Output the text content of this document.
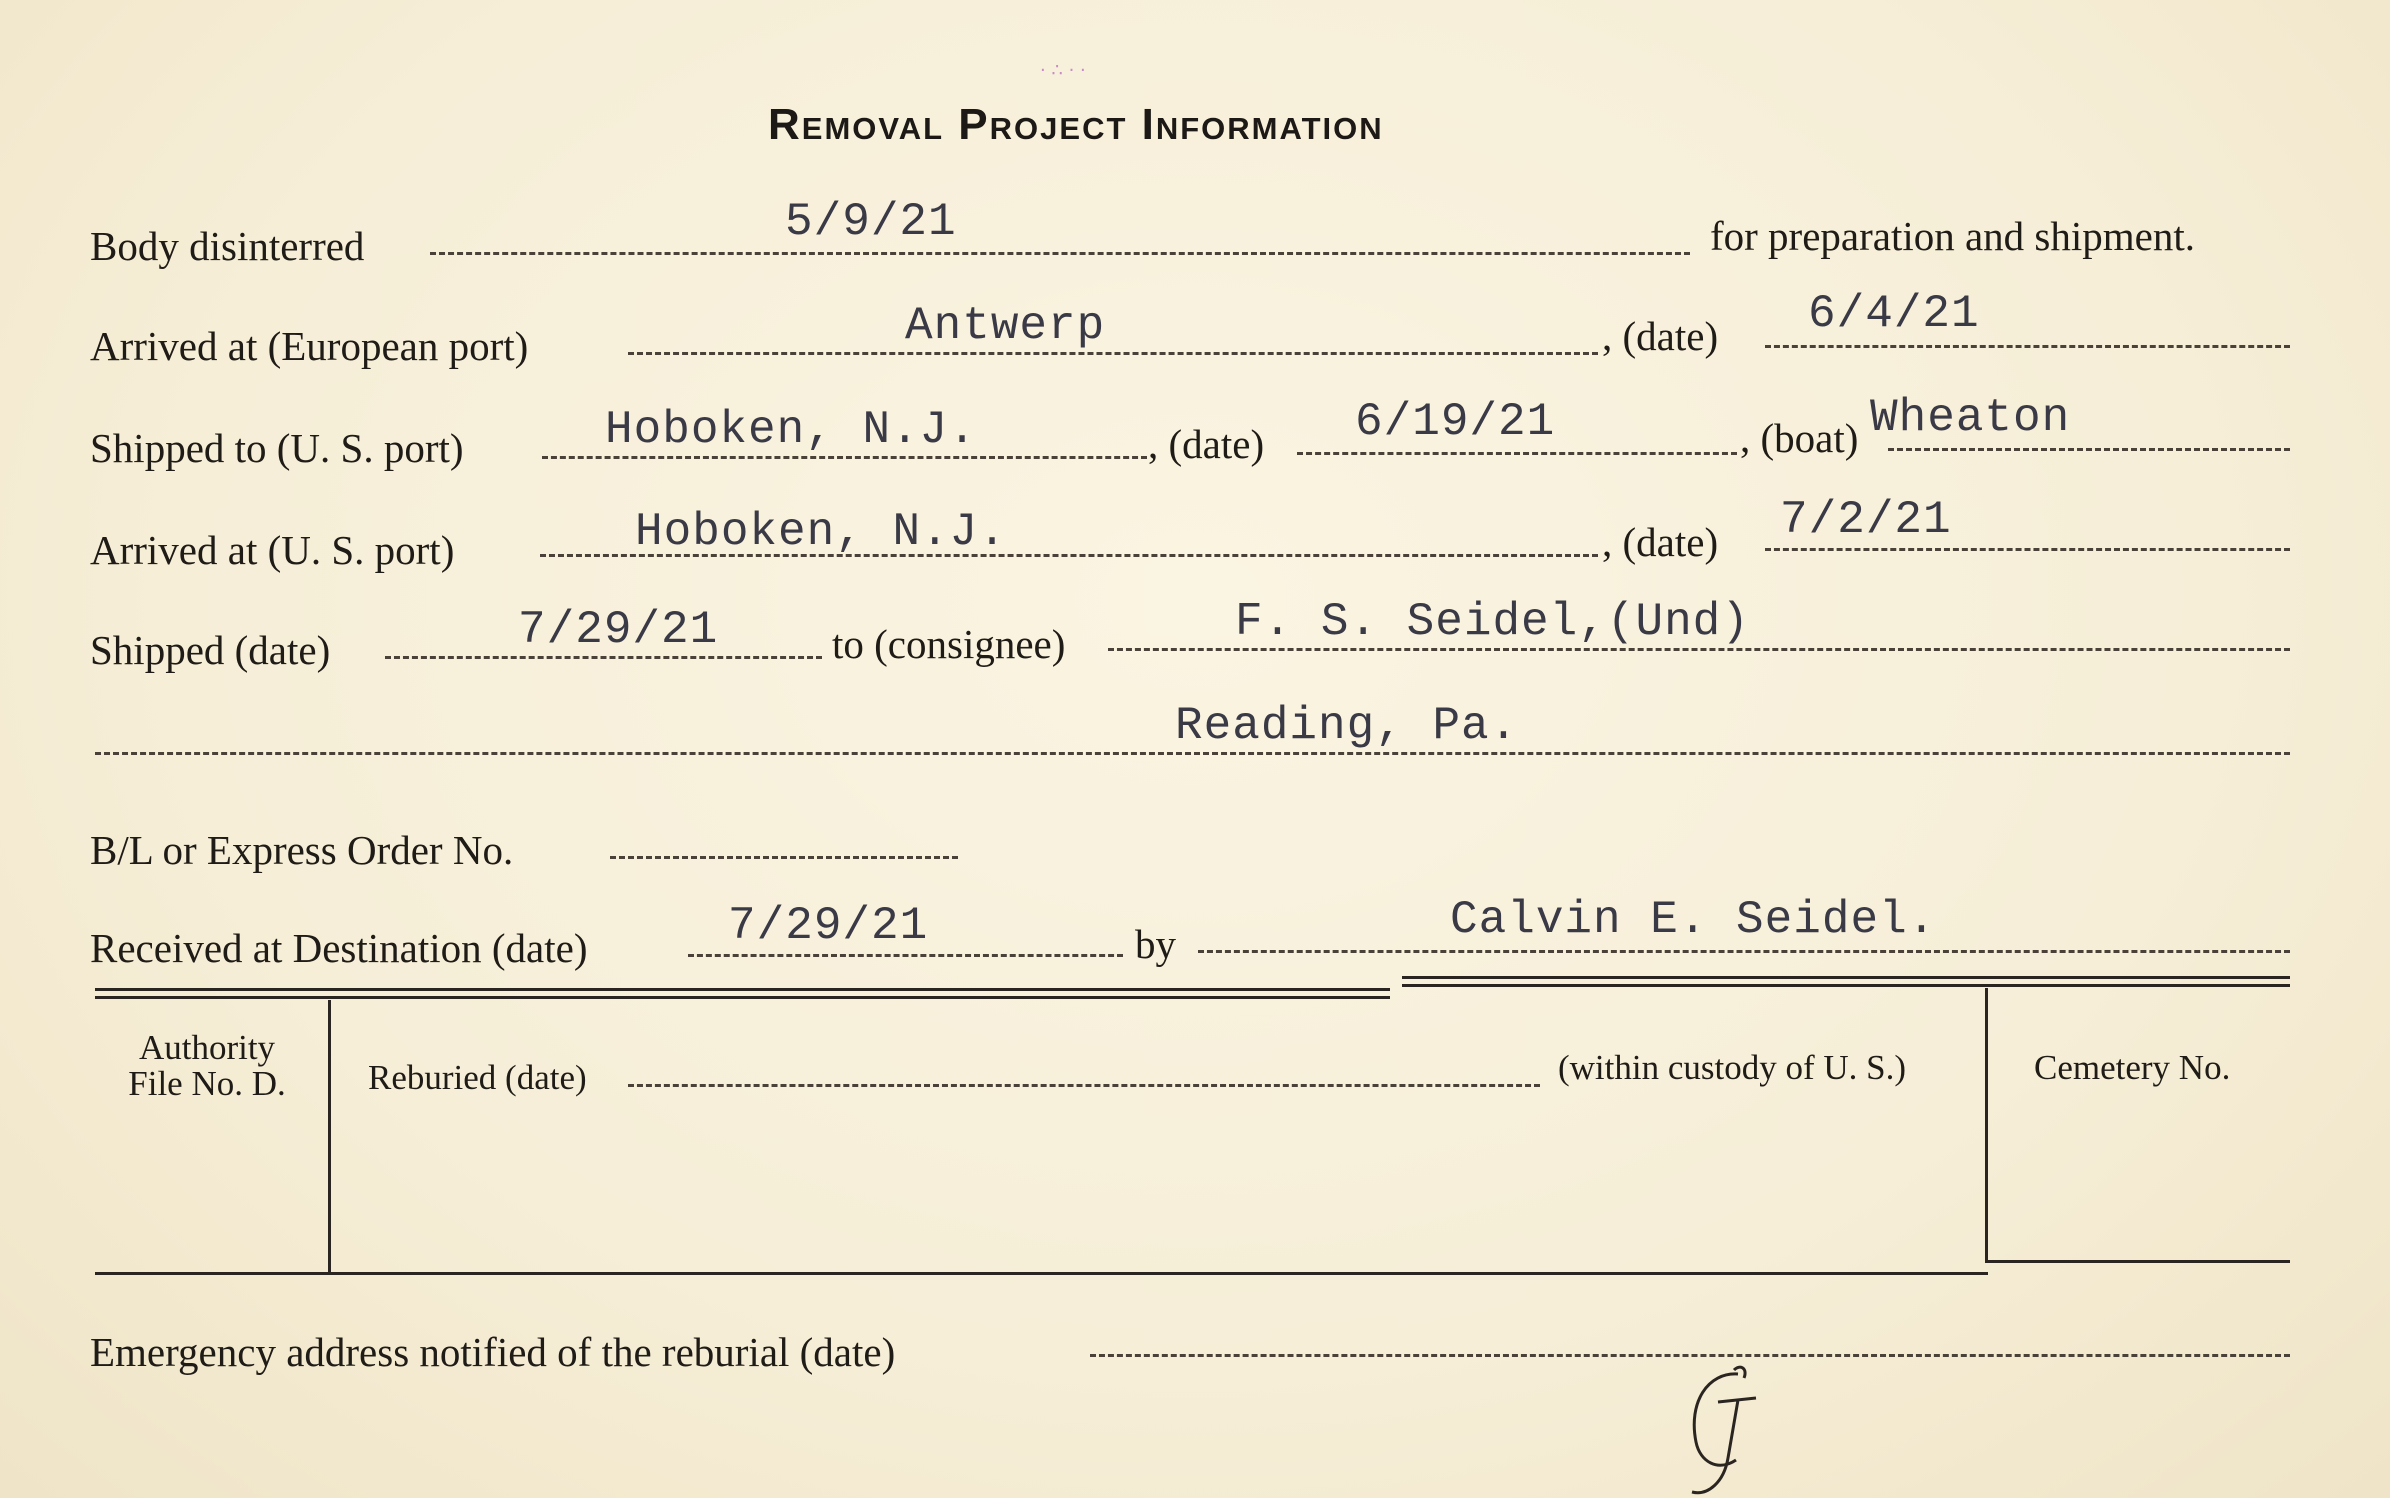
· ∴ · ·
Removal Project Information
Body disinterred	5/9/21	for preparation and shipment.
Arrived at (European port)	Antwerp	, (date) 6/4/21
Shipped to (U. S. port)	Hoboken, N.J.	, (date) 6/19/21	, (boat) Wheaton
Arrived at (U. S. port)	Hoboken, N.J.	, (date) 7/2/21
Shipped (date)	7/29/21	to (consignee)	F. S. Seidel,(Und)
Reading, Pa.
B/L or Express Order No.
Received at Destination (date)	7/29/21	by	Calvin E. Seidel.
Authority
File No. D.	Reburied (date)	(within custody of U. S.)	Cemetery No.
Emergency address notified of the reburial (date)
